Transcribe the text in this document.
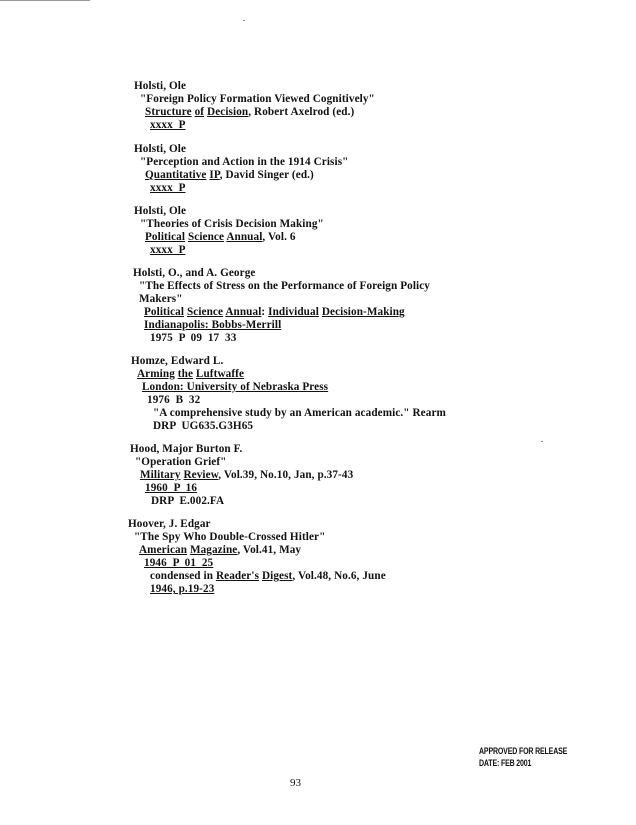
Holsti, Ole
"Foreign Policy Formation Viewed Cognitively"
Structure of Decision, Robert Axelrod (ed.)
xxxx  P
Holsti, Ole
"Perception and Action in the 1914 Crisis"
Quantitative IP, David Singer (ed.)
xxxx  P
Holsti, Ole
"Theories of Crisis Decision Making"
Political Science Annual, Vol. 6
xxxx  P
Holsti, O., and A. George
"The Effects of Stress on the Performance of Foreign Policy
Makers"
Political Science Annual: Individual Decision-Making
Indianapolis: Bobbs-Merrill
1975  P  09  17  33
Homze, Edward L.
Arming the Luftwaffe
London: University of Nebraska Press
1976  B  32
"A comprehensive study by an American academic." Rearm
DRP  UG635.G3H65
Hood, Major Burton F.
"Operation Grief"
Military Review, Vol.39, No.10, Jan, p.37-43
1960  P  16
DRP  E.002.FA
Hoover, J. Edgar
"The Spy Who Double-Crossed Hitler"
American Magazine, Vol.41, May
1946  P  01  25
condensed in Reader's Digest, Vol.48, No.6, June
1946, p.19-23
APPROVED FOR RELEASE
DATE: FEB 2001
93
